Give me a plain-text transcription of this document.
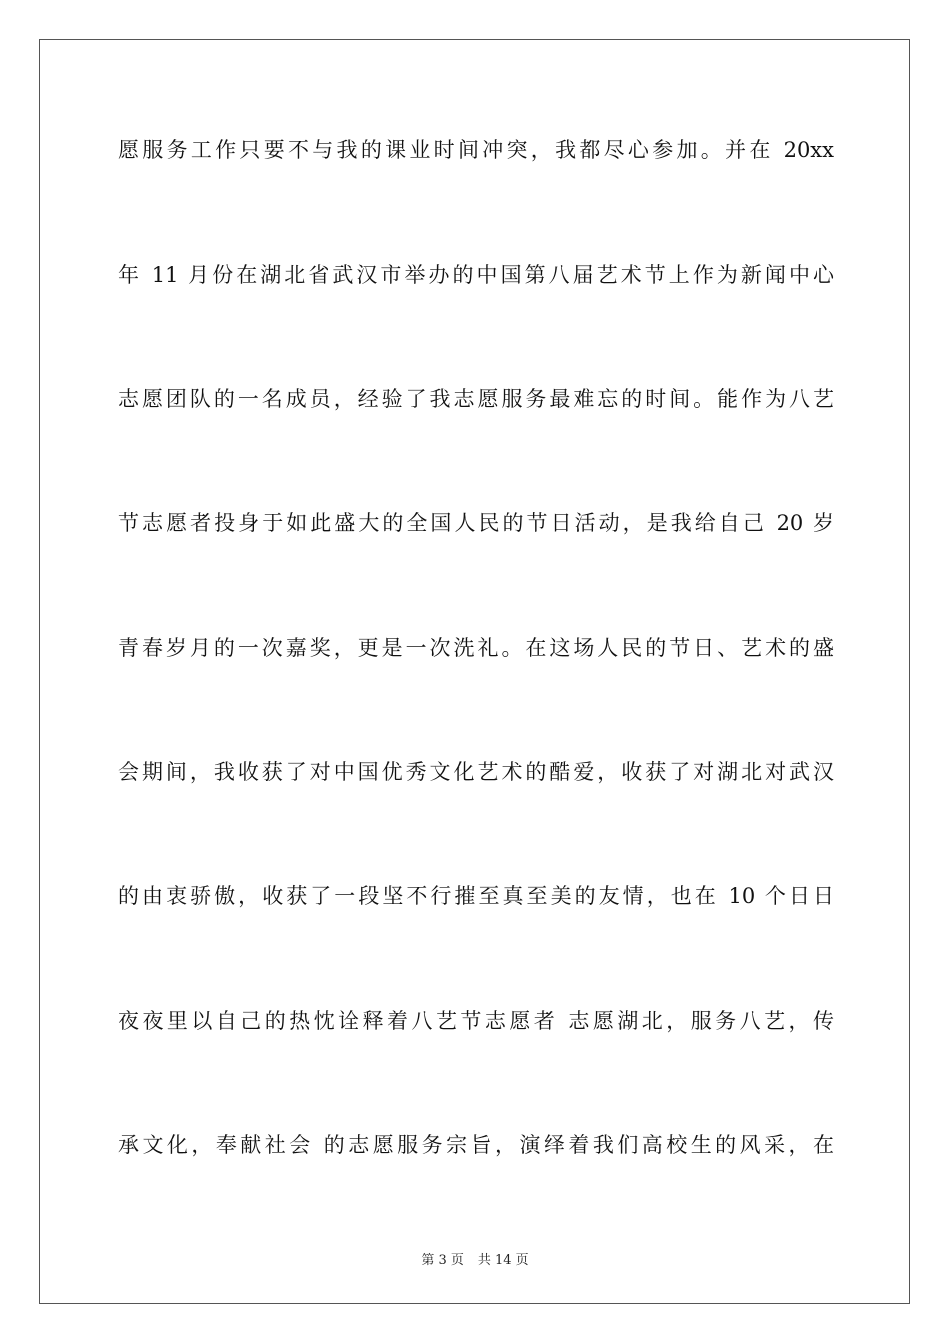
愿服务工作只要不与我的课业时间冲突，我都尽心参加。并在 20xx
年 11 月份在湖北省武汉市举办的中国第八届艺术节上作为新闻中心
志愿团队的一名成员，经验了我志愿服务最难忘的时间。能作为八艺
节志愿者投身于如此盛大的全国人民的节日活动，是我给自己 20 岁
青春岁月的一次嘉奖，更是一次洗礼。在这场人民的节日、艺术的盛
会期间，我收获了对中国优秀文化艺术的酷爱，收获了对湖北对武汉
的由衷骄傲，收获了一段坚不行摧至真至美的友情，也在 10 个日日
夜夜里以自己的热忱诠释着八艺节志愿者 志愿湖北，服务八艺，传
承文化，奉献社会 的志愿服务宗旨，演绎着我们高校生的风采，在
第 3 页 共 14 页
